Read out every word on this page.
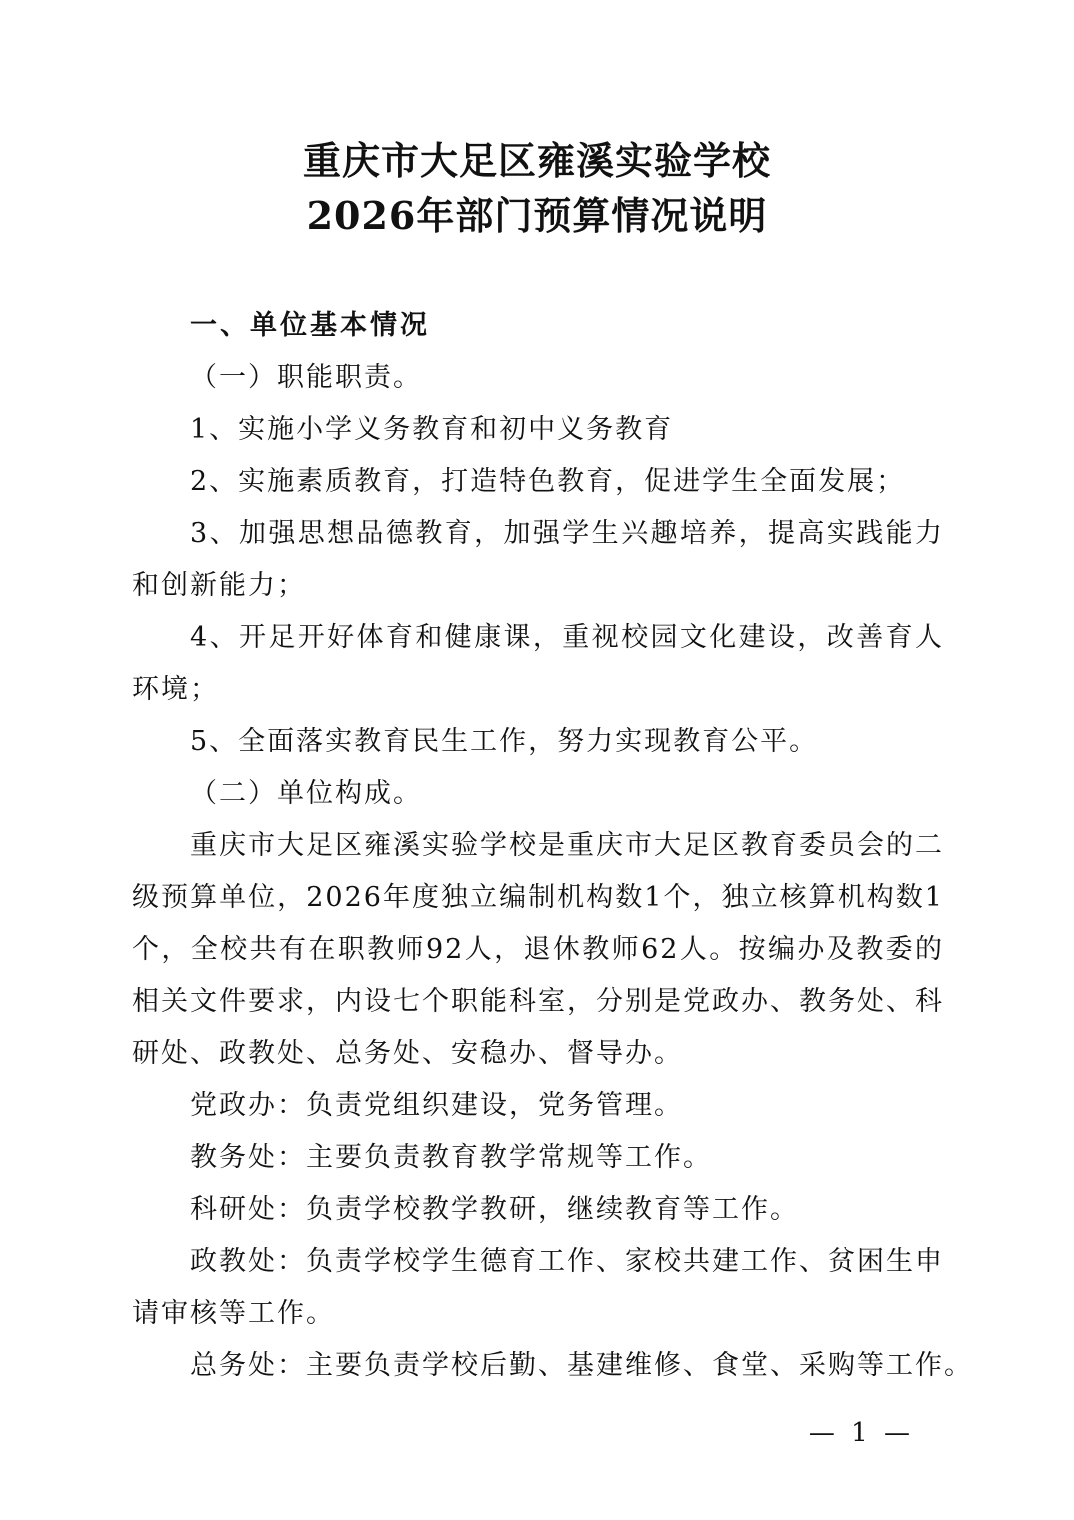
重庆市大足区雍溪实验学校
2026年部门预算情况说明

一、单位基本情况

（一）职能职责。

1、实施小学义务教育和初中义务教育

2、实施素质教育，打造特色教育，促进学生全面发展；

3、加强思想品德教育，加强学生兴趣培养，提高实践能力和创新能力；

4、开足开好体育和健康课，重视校园文化建设，改善育人环境；

5、全面落实教育民生工作，努力实现教育公平。

（二）单位构成。

重庆市大足区雍溪实验学校是重庆市大足区教育委员会的二级预算单位，2026年度独立编制机构数1个，独立核算机构数1个，全校共有在职教师92人，退休教师62人。按编办及教委的相关文件要求，内设七个职能科室，分别是党政办、教务处、科研处、政教处、总务处、安稳办、督导办。

党政办：负责党组织建设，党务管理。

教务处：主要负责教育教学常规等工作。

科研处：负责学校教学教研，继续教育等工作。

政教处：负责学校学生德育工作、家校共建工作、贫困生申请审核等工作。

总务处：主要负责学校后勤、基建维修、食堂、采购等工作。

— 1 —
